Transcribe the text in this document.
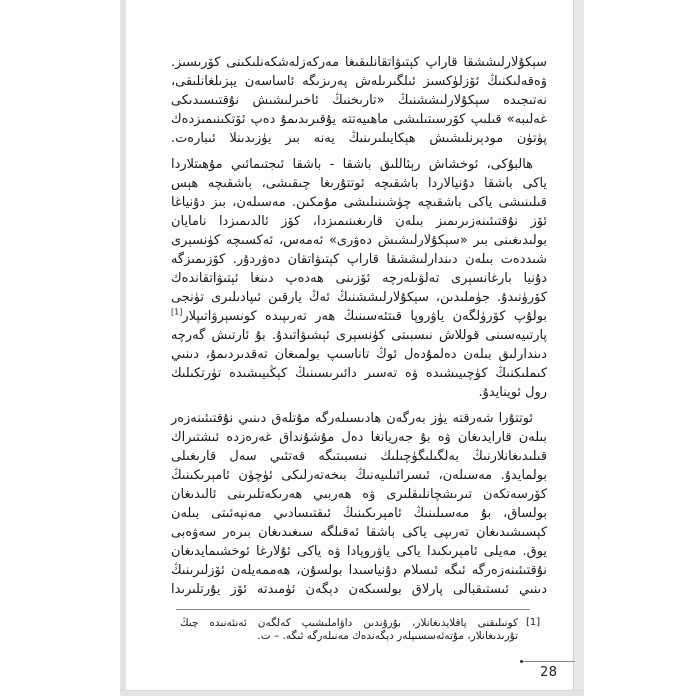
سېكۇلارلىششقا قاراپ كېتىۋاتقانلىقىغا مەركەزلەشكەنلىكىنى كۆرىسىز.
ۋەقەلىكنىڭ ئۆزلۈكسىز ئىلگىرىلەش پەرىزىگە ئاساسەن يېزىلغانلىقى،
نەتىجىدە سېكۇلارلىششنىڭ «تارىخنىڭ ئاخىرلىشىش نۇقتىسىدىكى
غەلىبە» قىلىپ كۆرسىتىلىشى ماھىيەتتە يۇقىرىدىمۇ دەپ ئۆتكىنىمىزدەك
پۈتۈن مودېرنلىشىش ھېكايىلىرىنىڭ يەنە بىر يۈزىدىنلا ئىبارەت.
ھالبۇكى، ئوخشاش رېئاللىق باشقا - باشقا ئىجتىمائىي مۇھىتلاردا
ياكى باشقا دۇنيالاردا باشقىچە ئوتتۇرىغا چىقىشى، باشقىچە ھېس
قىلىنىشى ياكى باشقىچە چۈشىنىلىشى مۇمكىن. مەسىلەن، بىز دۇنياغا
ئۆز نۇقتىئىنەزىرىمىز بىلەن قارىغىنىمىزدا، كۆز ئالدىمىزدا نامايان
بولىدىغىنى بىر «سېكۇلارلىشىش دەۋرى» ئەمەس، ئەكسىچە كۈنسېرى
شىددەت بىلەن دىندارلىششقا قاراپ كېتىۋاتقان دەۋردۇر. كۆزىمىزگە
دۇنيا بارغانسېرى تەلۋىلەرچە ئۆزىنى ھەدەپ دىنغا ئېتىۋاتقاندەك
كۆرۈنىدۇ. جۈملىدىن، سېكۇلارلىششنىڭ ئەڭ يارقىن ئىپادىلىرى تۈنجى
بولۇپ كۆرۈلگەن ياۋروپا قىتئەسىنىڭ ھەر تەرىپىدە كونسېرۋاتىپلار[1]
پارتىيەسىنى قوللاش نىسبىتى كۈنسېرى ئېشىۋاتىدۇ. بۇ ئارتىش گەرچە
دىندارلىق بىلەن دەلمۇدەل ئوڭ تاناسىپ بولمىغان تەقدىردىمۇ، دىنىي
كىملىكنىڭ كۈچىيىشىدە ۋە تەسىر دائىرىسىنىڭ كېڭىيىشىدە تۈرتكىلىك
رول ئوينايدۇ.
ئوتتۇرا شەرقتە يۈز بەرگەن ھادىسىلەرگە مۇتلەق دىنىي نۇقتىئىنەزەر
بىلەن قارايدىغان ۋە بۇ جەريانغا دەل مۇشۇنداق غەرەزدە ئىشتىراك
قىلىدىغانلارنىڭ بەلگىلىگۈچىلىك نىسبىتىگە قەتئىي سەل قارىغىلى
بولمايدۇ. مەسىلەن، ئىسرائىلىيەنىڭ بىخەتەرلىكى ئۈچۈن ئامېرىكىنىڭ
كۆرسەتكەن تىرىشچانلىقلىرى ۋە ھەربىي ھەرىكەتلىرىنى ئالىدىغان
بولساق، بۇ مەسىلىنىڭ ئامېرىكىنىڭ ئىقتىسادىي مەنپەئىتى بىلەن
كېسىشىدىغان تەرىپى ياكى باشقا ئەقىلگە سىغىدىغان بىرەر سەۋەبى
يوق. مەيلى ئامېرىكىدا ياكى ياۋروپادا ۋە ياكى ئۇلارغا ئوخشىمايدىغان
نۇقتىئىنەزەرگە ئىگە ئىسلام دۇنياسىدا بولسۇن، ھەممەيلەن ئۆزلىرىنىڭ
دىنىي ئىستىقبالى پارلاق بولسىكەن دېگەن ئۈمىدتە ئۆز يۇرتلىرىدا
[1]
كونىلىقنى ياقلايدىغانلار، بۇرۇندىن داۋاملىشىپ كەلگەن ئەنئەنىدە چىڭ
تۇرىدىغانلار، مۇتەئەسسىپلەر دېگەندەك مەنىلەرگە ئىگە. – ت.
28
